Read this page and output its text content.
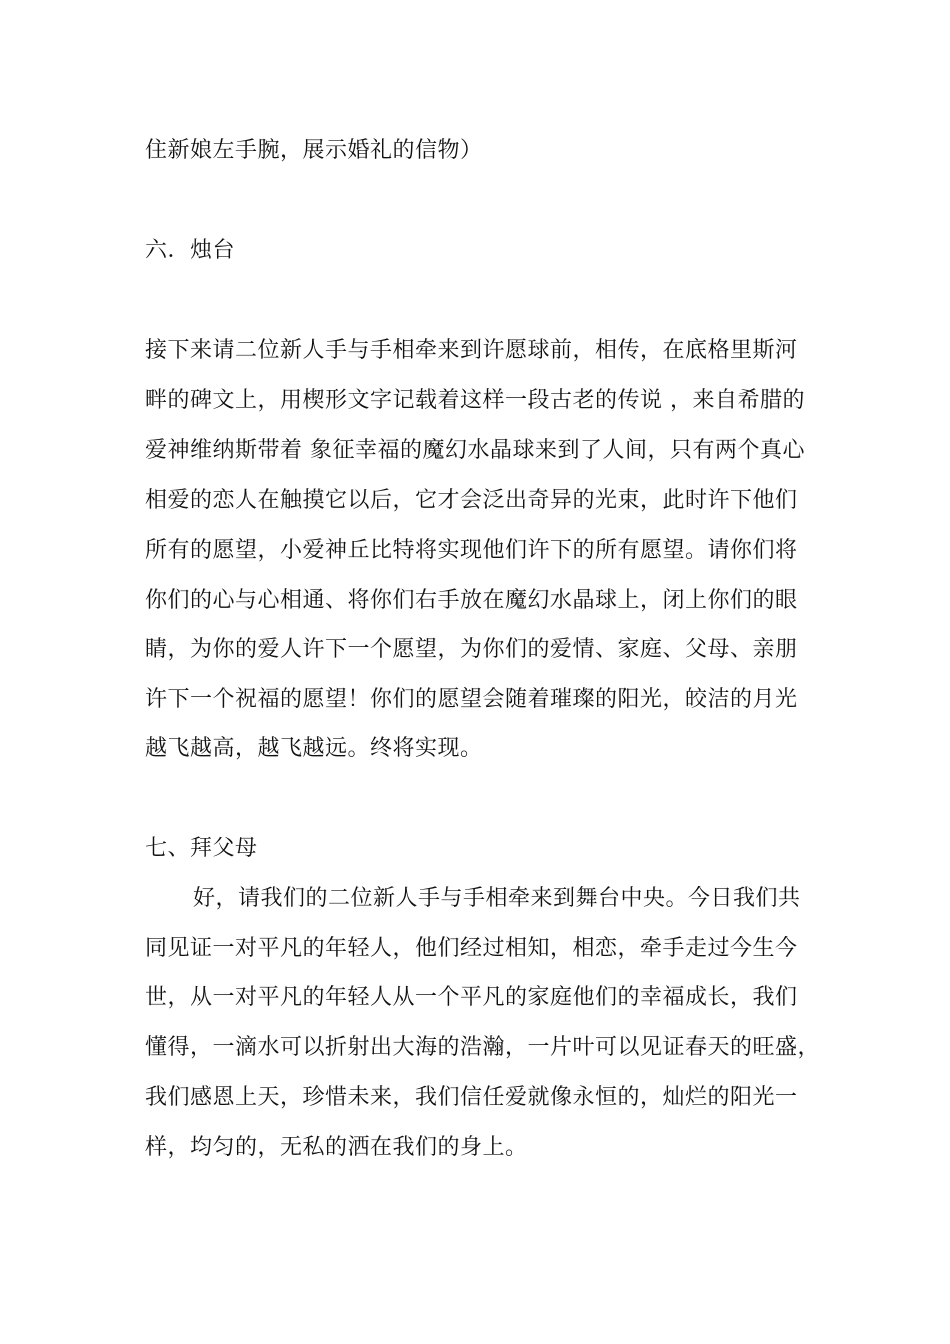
住新娘左手腕，展示婚礼的信物）
六．烛台
接下来请二位新人手与手相牵来到许愿球前，相传，在底格里斯河
畔的碑文上，用楔形文字记载着这样一段古老的传说 ，来自希腊的
爱神维纳斯带着 象征幸福的魔幻水晶球来到了人间，只有两个真心
相爱的恋人在触摸它以后，它才会泛出奇异的光束，此时许下他们
所有的愿望，小爱神丘比特将实现他们许下的所有愿望。请你们将
你们的心与心相通、将你们右手放在魔幻水晶球上，闭上你们的眼
睛，为你的爱人许下一个愿望，为你们的爱情、家庭、父母、亲朋
许下一个祝福的愿望！你们的愿望会随着璀璨的阳光，皎洁的月光
越飞越高，越飞越远。终将实现。
七、拜父母
好，请我们的二位新人手与手相牵来到舞台中央。今日我们共
同见证一对平凡的年轻人，他们经过相知，相恋，牵手走过今生今
世，从一对平凡的年轻人从一个平凡的家庭他们的幸福成长，我们
懂得，一滴水可以折射出大海的浩瀚，一片叶可以见证春天的旺盛，
我们感恩上天，珍惜未来，我们信任爱就像永恒的，灿烂的阳光一
样，均匀的，无私的洒在我们的身上。
